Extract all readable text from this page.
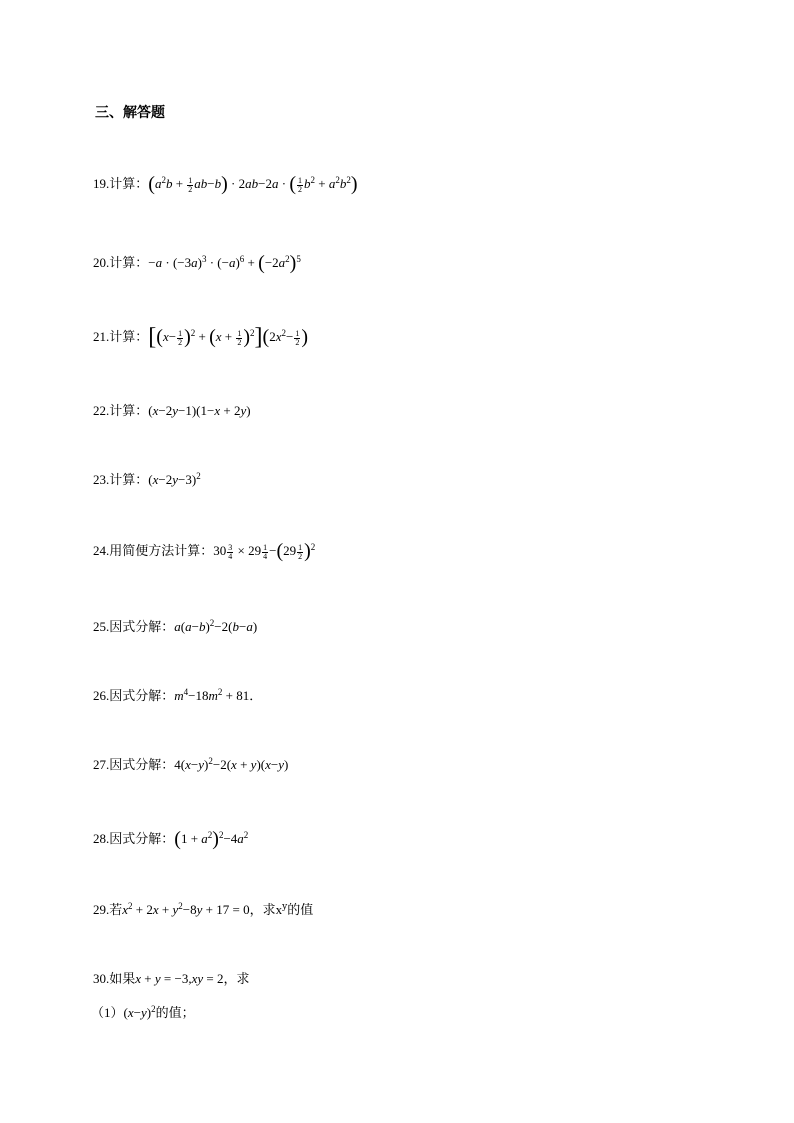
三、解答题
19.计算：$(a^2b + \frac{1}{2} ab-b) \cdot 2ab-2a$ · ( $\frac{1}{2} b^2 + a^2b^2$)
20.计算：$-a \cdot (-3a)^3 \cdot (-a)^6 + (-2a^2)^5$
21.计算：$[(x- \frac{1}{2} )^2 + (x + \frac{1}{2} )^2](2x^2- \frac{1}{2}$ )
22.计算：(x−2y−1)(1−x + 2y)
23.计算：$(x-2y-3)^2$
24.用简便方法计算：$30 \frac{3}{4} \times 29 \frac{1}{4} -(29 \frac{1}{2} )^2$
25.因式分解：$a(a-b)^2-2(b-a)$
26.因式分解：$m^4-18m^2 + 81$．
27.因式分解：$4(x-y)^2-2(x + y)(x-y)$
28.因式分解：$(1 + a^2)^2-4a^2$
29.若$x^2 + 2x + y^2-8y + 17 = 0$，求$x^y$的值
30.如果x + y = −3,xy = 2，求
$(1)(x-y)^2$的值；
